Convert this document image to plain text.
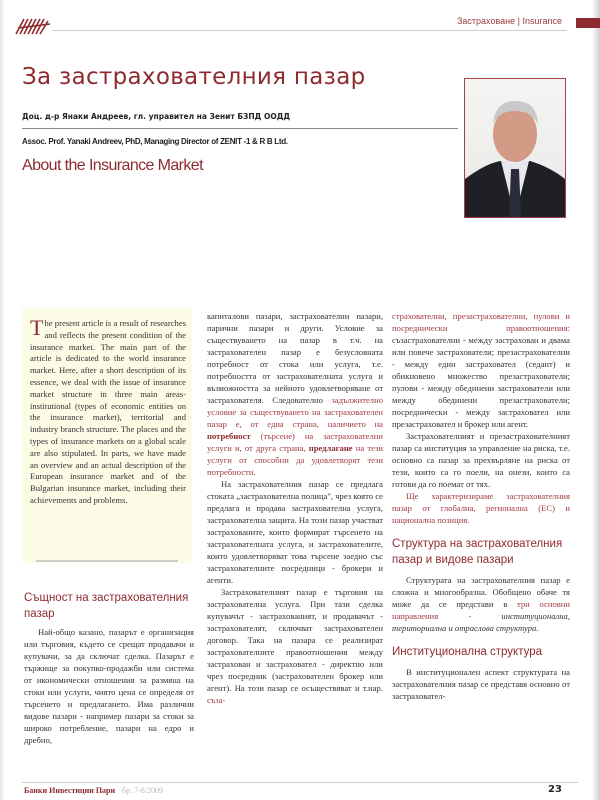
Застраховане | Insurance
За застрахователния пазар
Доц. д-р Янаки Андреев, гл. управител на Зенит БЗПД ООДД
Assoc. Prof. Yanaki Andreev, PhD, Managing Director of ZENIT -1 & R B Ltd.
About the Insurance Market

The present article is a result of researches and reflects the present condition of the insurance market. The main part of the article is dedicated to the world insurance market. Here, after a short description of its essence, we deal with the issue of insurance market structure in three main areas-institutional (types of economic entities on the insurance market), territorial and industry branch structure. The places and the types of insurance markets on a global scale are also stipulated. In parts, we have made an overview and an actual description of the European insurance market and of the Bulgarian insurance market, including their achievements and problems.

Същност на застрахователния пазар

Най-общо казано, пазарът е организация или търговия, където се срещат продавачи и купувачи, за да сключат сделка. Пазарът е тържище за покупко-продажби или система от икономически отношения за размяна на стоки или услуги, чиято цена се определя от търсенето и предлагането. Има различни видове пазари - например пазари за стоки за широко потребление, пазари на едро и дребно,

капиталови пазари, застрахователни пазари, парични пазари и други. Условие за съществуването на пазар в т.ч. на застрахователен пазар е безусловната потребност от стока или услуга, т.е. потребността от застрахователната услуга и възможността за нейното удовлетворяване от застрахователя. Следователно задължително условие за съществуването на застрахователен пазар е, от една страна, наличието на потребност (търсене) на застрахователни услуги и, от друга страна, предлагане на тези услуги от способни да удовлетворят тези потребности.

На застрахователния пазар се предлага стоката „застрахователна полица", чрез която се предлага и продава застрахователна услуга, застрахователна защита. На този пазар участват застрахованите, които формират търсенето на застрахователната услуга, и застрахователите, които удовлетворяват това търсене заедно със застрахователните посредници - брокери и агенти.

Застрахователният пазар е търговия на застрахователна услуга. При тази сделка купувачът - застрахованият, и продавачът - застрахователят, сключват застрахователен договор. Така на пазара се реализират застрахователните правоотношения между застрахован и застраховател - директно или чрез посредник (застрахователен брокер или агент). На този пазар се осъществяват и т.нар. съза-

страхователни, презастрахователни, пулови и посреднически правоотношения: съзастрахователни - между застрахован и двама или повече застрахователи; презастрахователни - между един застраховател (седант) и обикновено множество презастрахователи; пулови - между обединени застрахователи или между обединени презастрахователи; посреднически - между застраховател или презастраховател и брокер или агент.

Застрахователният и презастрахователният пазар са институция за управление на риска, т.е. основно са пазар за прехвърляне на риска от тези, които са го поели, на онези, които са готови да го поемат от тях.

Ще характеризираме застрахователния пазар от глобална, регионална (ЕС) и национална позиция.

Структура на застрахователния пазар и видове пазари

Структурата на застрахователния пазар е сложна и многообразна. Обобщено обаче тя може да се представи в три основни направления - институционална, териториална и отраслова структура.

Институционална структура

В институционален аспект структурата на застрахователния пазар се представя основно от застраховател-

Банки Инвестиции Пари бр. 7-8/2009	23
